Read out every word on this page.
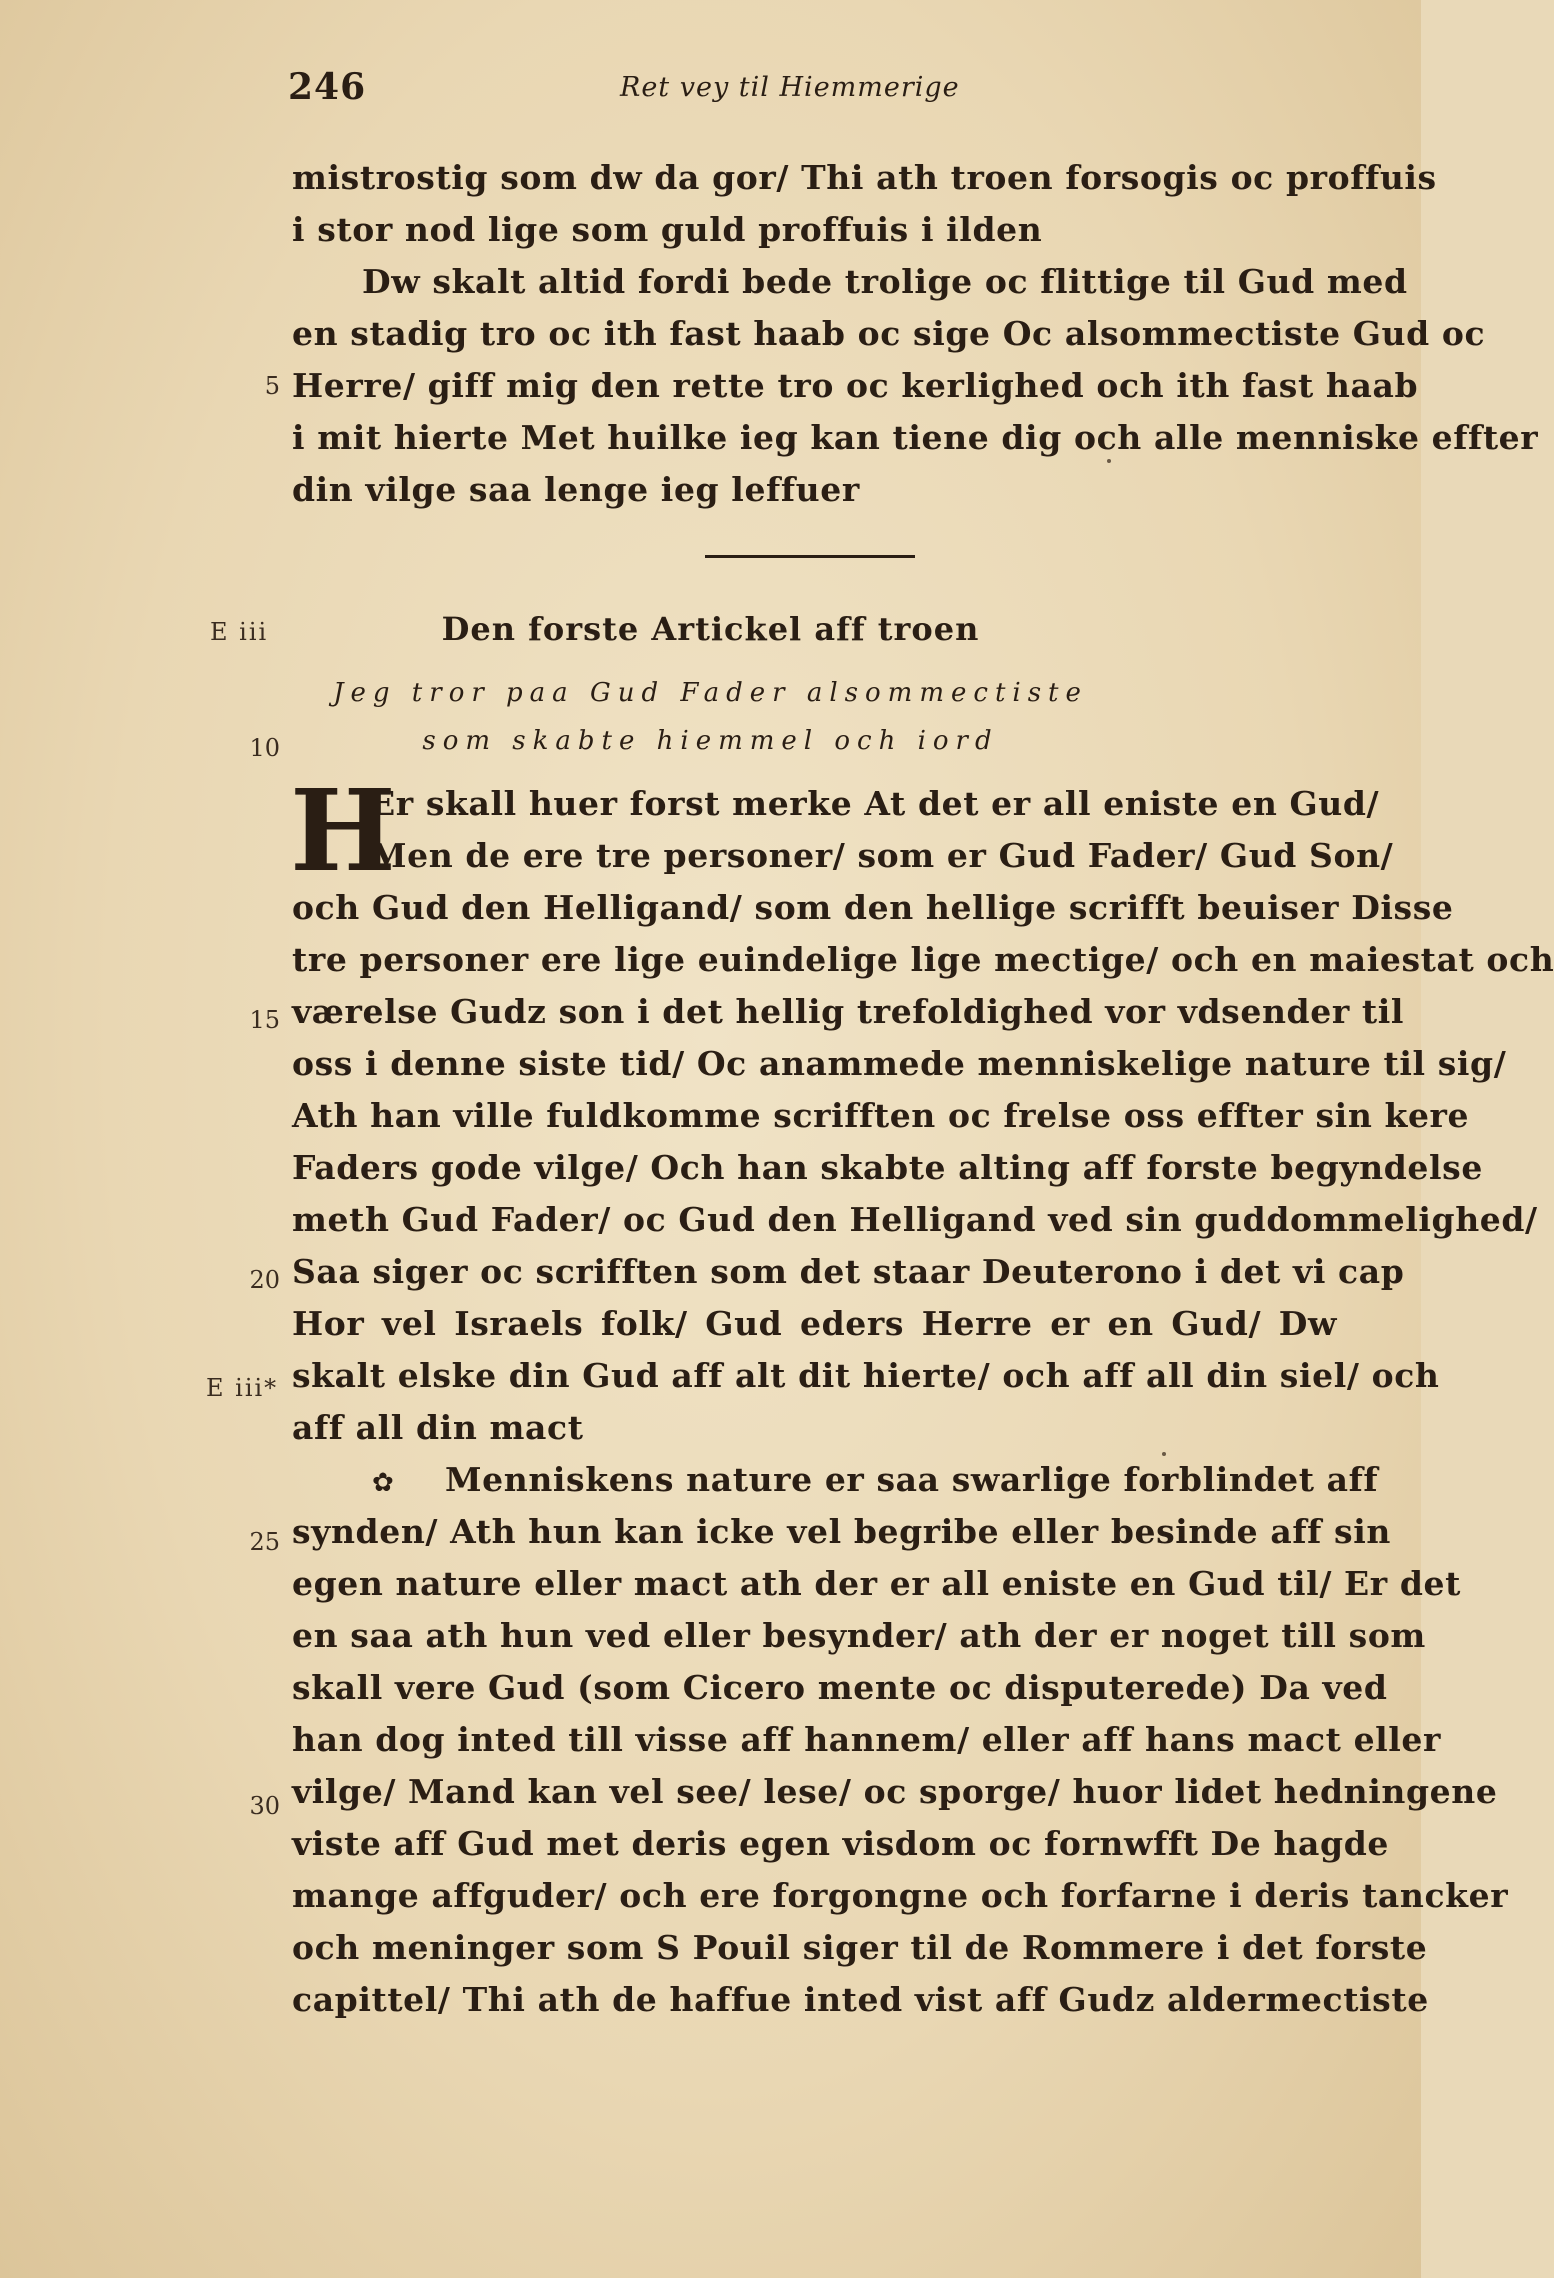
246	Ret vey til Hiemmerige
mistrostig som dw da gor/ Thi ath troen forsogis oc proffuis
i stor nod lige som guld proffuis i ilden
Dw skalt altid fordi bede trolige oc flittige til Gud med
en stadig tro oc ith fast haab oc sige Oc alsommectiste Gud oc
Herre/ giff mig den rette tro oc kerlighed och ith fast haab
i mit hierte Met huilke ieg kan tiene dig och alle menniske effter
din vilge saa lenge ieg leffuer
Den forste Artickel aff troen
Jeg tror paa Gud Fader alsommectiste
som skabte hiemmel och iord
H
Er skall huer forst merke At det er all eniste en Gud/
Men de ere tre personer/ som er Gud Fader/ Gud Son/
och Gud den Helligand/ som den hellige scrifft beuiser Disse
tre personer ere lige euindelige lige mectige/ och en maiestat och
værelse Gudz son i det hellig trefoldighed vor vdsender til
oss i denne siste tid/ Oc anammede menniskelige nature til sig/
Ath han ville fuldkomme scrifften oc frelse oss effter sin kere
Faders gode vilge/ Och han skabte alting aff forste begyndelse
meth Gud Fader/ oc Gud den Helligand ved sin guddommelighed/
Saa siger oc scrifften som det staar Deuterono i det vi cap
Hor vel Israels folk/ Gud eders Herre er en Gud/ Dw
skalt elske din Gud aff alt dit hierte/ och aff all din siel/ och
aff all din mact
✿ Menniskens nature er saa swarlige forblindet aff
synden/ Ath hun kan icke vel begribe eller besinde aff sin
egen nature eller mact ath der er all eniste en Gud til/ Er det
en saa ath hun ved eller besynder/ ath der er noget till som
skall vere Gud (som Cicero mente oc disputerede) Da ved
han dog inted till visse aff hannem/ eller aff hans mact eller
vilge/ Mand kan vel see/ lese/ oc sporge/ huor lidet hedningene
viste aff Gud met deris egen visdom oc fornwfft De hagde
mange affguder/ och ere forgongne och forfarne i deris tancker
och meninger som S Pouil siger til de Rommere i det forste
capittel/ Thi ath de haffue inted vist aff Gudz aldermectiste
5
10
15
20
25
30
E iii
E iii*
